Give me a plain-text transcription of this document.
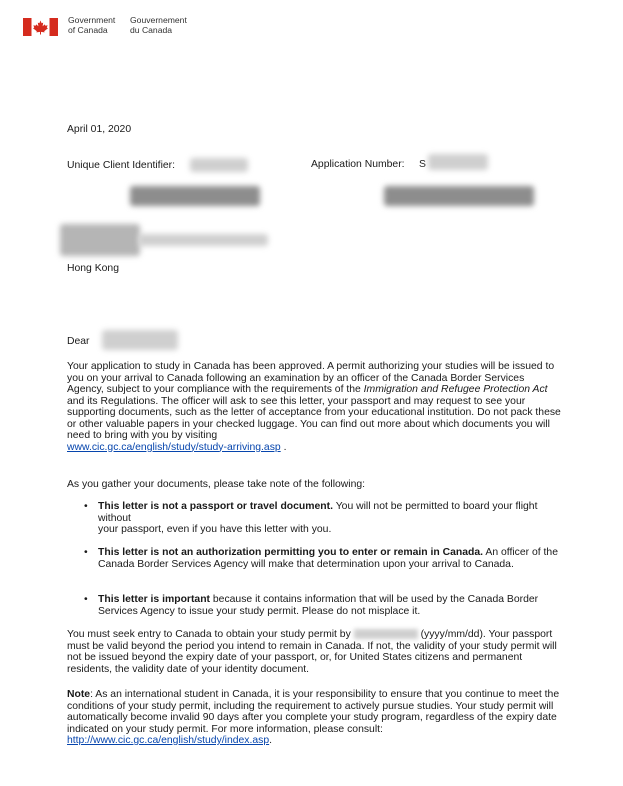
Government
of Canada
Gouvernement
du Canada
April 01, 2020
Unique Client Identifier:	Application Number: S
Hong Kong
Dear

Your application to study in Canada has been approved. A permit authorizing your studies will be issued to you on your arrival to Canada following an examination by an officer of the Canada Border Services Agency, subject to your compliance with the requirements of the Immigration and Refugee Protection Act and its Regulations. The officer will ask to see this letter, your passport and may request to see your supporting documents, such as the letter of acceptance from your educational institution. Do not pack these or other valuable papers in your checked luggage. You can find out more about which documents you will need to bring with you by visiting
www.cic.gc.ca/english/study/study-arriving.asp .

As you gather your documents, please take note of the following:
• This letter is not a passport or travel document. You will not be permitted to board your flight without
your passport, even if you have this letter with you.

• This letter is not an authorization permitting you to enter or remain in Canada. An officer of the Canada Border Services Agency will make that determination upon your arrival to Canada.

• This letter is important because it contains information that will be used by the Canada Border Services Agency to issue your study permit. Please do not misplace it.

You must seek entry to Canada to obtain your study permit by	(yyyy/mm/dd). Your passport must be valid beyond the period you intend to remain in Canada. If not, the validity of your study permit will not be issued beyond the expiry date of your passport, or, for United States citizens and permanent residents, the validity date of your identity document.

Note: As an international student in Canada, it is your responsibility to ensure that you continue to meet the conditions of your study permit, including the requirement to actively pursue studies. Your study permit will automatically become invalid 90 days after you complete your study program, regardless of the expiry date indicated on your study permit. For more information, please consult: http://www.cic.gc.ca/english/study/index.asp.
